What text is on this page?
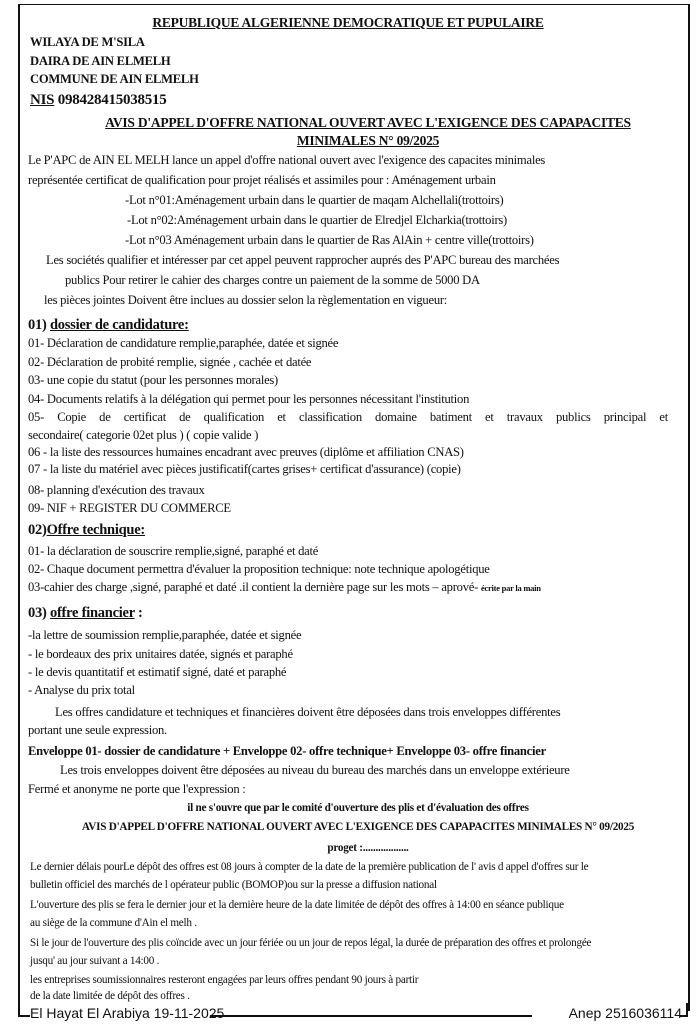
REPUBLIQUE ALGERIENNE DEMOCRATIQUE ET PUPULAIRE
WILAYA DE M'SILA
DAIRA DE AIN ELMELH
COMMUNE DE AIN ELMELH
NIS 098428415038515
AVIS D'APPEL D'OFFRE NATIONAL OUVERT AVEC L'EXIGENCE DES CAPAPACITES
MINIMALES N° 09/2025
Le P'APC de AIN EL MELH lance un appel d'offre national ouvert avec l'exigence des capacites minimales
représentée certificat de qualification pour projet réalisés et assimiles pour : Aménagement urbain
-Lot n°01:Aménagement urbain dans le quartier de maqam Alchellali(trottoirs)
-Lot n°02:Aménagement urbain dans le quartier de Elredjel Elcharkia(trottoirs)
-Lot n°03 Aménagement urbain dans le quartier de Ras AlAin + centre ville(trottoirs)
Les sociétés qualifier et intéresser par cet appel peuvent rapprocher auprés des P'APC bureau des marchées
publics Pour retirer le cahier des charges contre un paiement de la somme de 5000 DA
les pièces jointes Doivent être inclues au dossier selon la règlementation en vigueur:
01) dossier de candidature:
01- Déclaration de candidature remplie,paraphée, datée et signée
02- Déclaration de probité remplie, signée , cachée et datée
03- une copie du statut (pour les personnes morales)
04- Documents relatifs à la délégation qui permet pour les personnes nécessitant l'institution
05- Copie de certificat de qualification et classification domaine batiment et travaux publics principal et
secondaire( categorie 02et plus ) ( copie valide )
06 - la liste des ressources humaines encadrant avec preuves (diplôme et affiliation CNAS)
07 - la liste du matériel avec pièces justificatif(cartes grises+ certificat d'assurance) (copie)
08- planning d'exécution des travaux
09- NIF + REGISTER DU COMMERCE
02)Offre technique:
01- la déclaration de souscrire remplie,signé, paraphé et daté
02- Chaque document permettra d'évaluer la proposition technique: note technique apologétique
03-cahier des charge ,signé, paraphé et daté .il contient la dernière page sur les mots – aprové- écrite par la main
03) offre financier :
-la lettre de soumission remplie,paraphée, datée et signée
- le bordeaux des prix unitaires datée, signés et paraphé
- le devis quantitatif et estimatif signé, daté et paraphé
- Analyse du prix total
Les offres candidature et techniques et financières doivent être déposées dans trois enveloppes différentes
portant une seule expression.
Enveloppe 01- dossier de candidature + Enveloppe 02- offre technique+ Enveloppe 03- offre financier
Les trois enveloppes doivent être déposées au niveau du bureau des marchés dans un enveloppe extérieure
Fermé et anonyme ne porte que l'expression :
il ne s'ouvre que par le comité d'ouverture des plis et d'évaluation des offres
AVIS D'APPEL D'OFFRE NATIONAL OUVERT AVEC L'EXIGENCE DES CAPAPACITES MINIMALES N° 09/2025
proget :..................
Le dernier délais pourLe dépôt des offres est 08 jours à compter de la date de la première publication de l' avis d appel d'offres sur le
bulletin officiel des marchés de l opérateur public (BOMOP)ou sur la presse a diffusion national
L'ouverture des plis se fera le dernier jour et la dernière heure de la date limitée de dépôt des offres à 14:00 en séance publique
au siège de la commune d'Ain el melh .
Si le jour de l'ouverture des plis coïncide avec un jour fériée ou un jour de repos légal, la durée de préparation des offres et prolongée
jusqu' au jour suivant a 14:00 .
les entreprises soumissionnaires resteront engagées par leurs offres pendant 90 jours à partir
de la date limitée de dépôt des offres .
El Hayat El Arabiya 19-11-2025	Anep 2516036114
